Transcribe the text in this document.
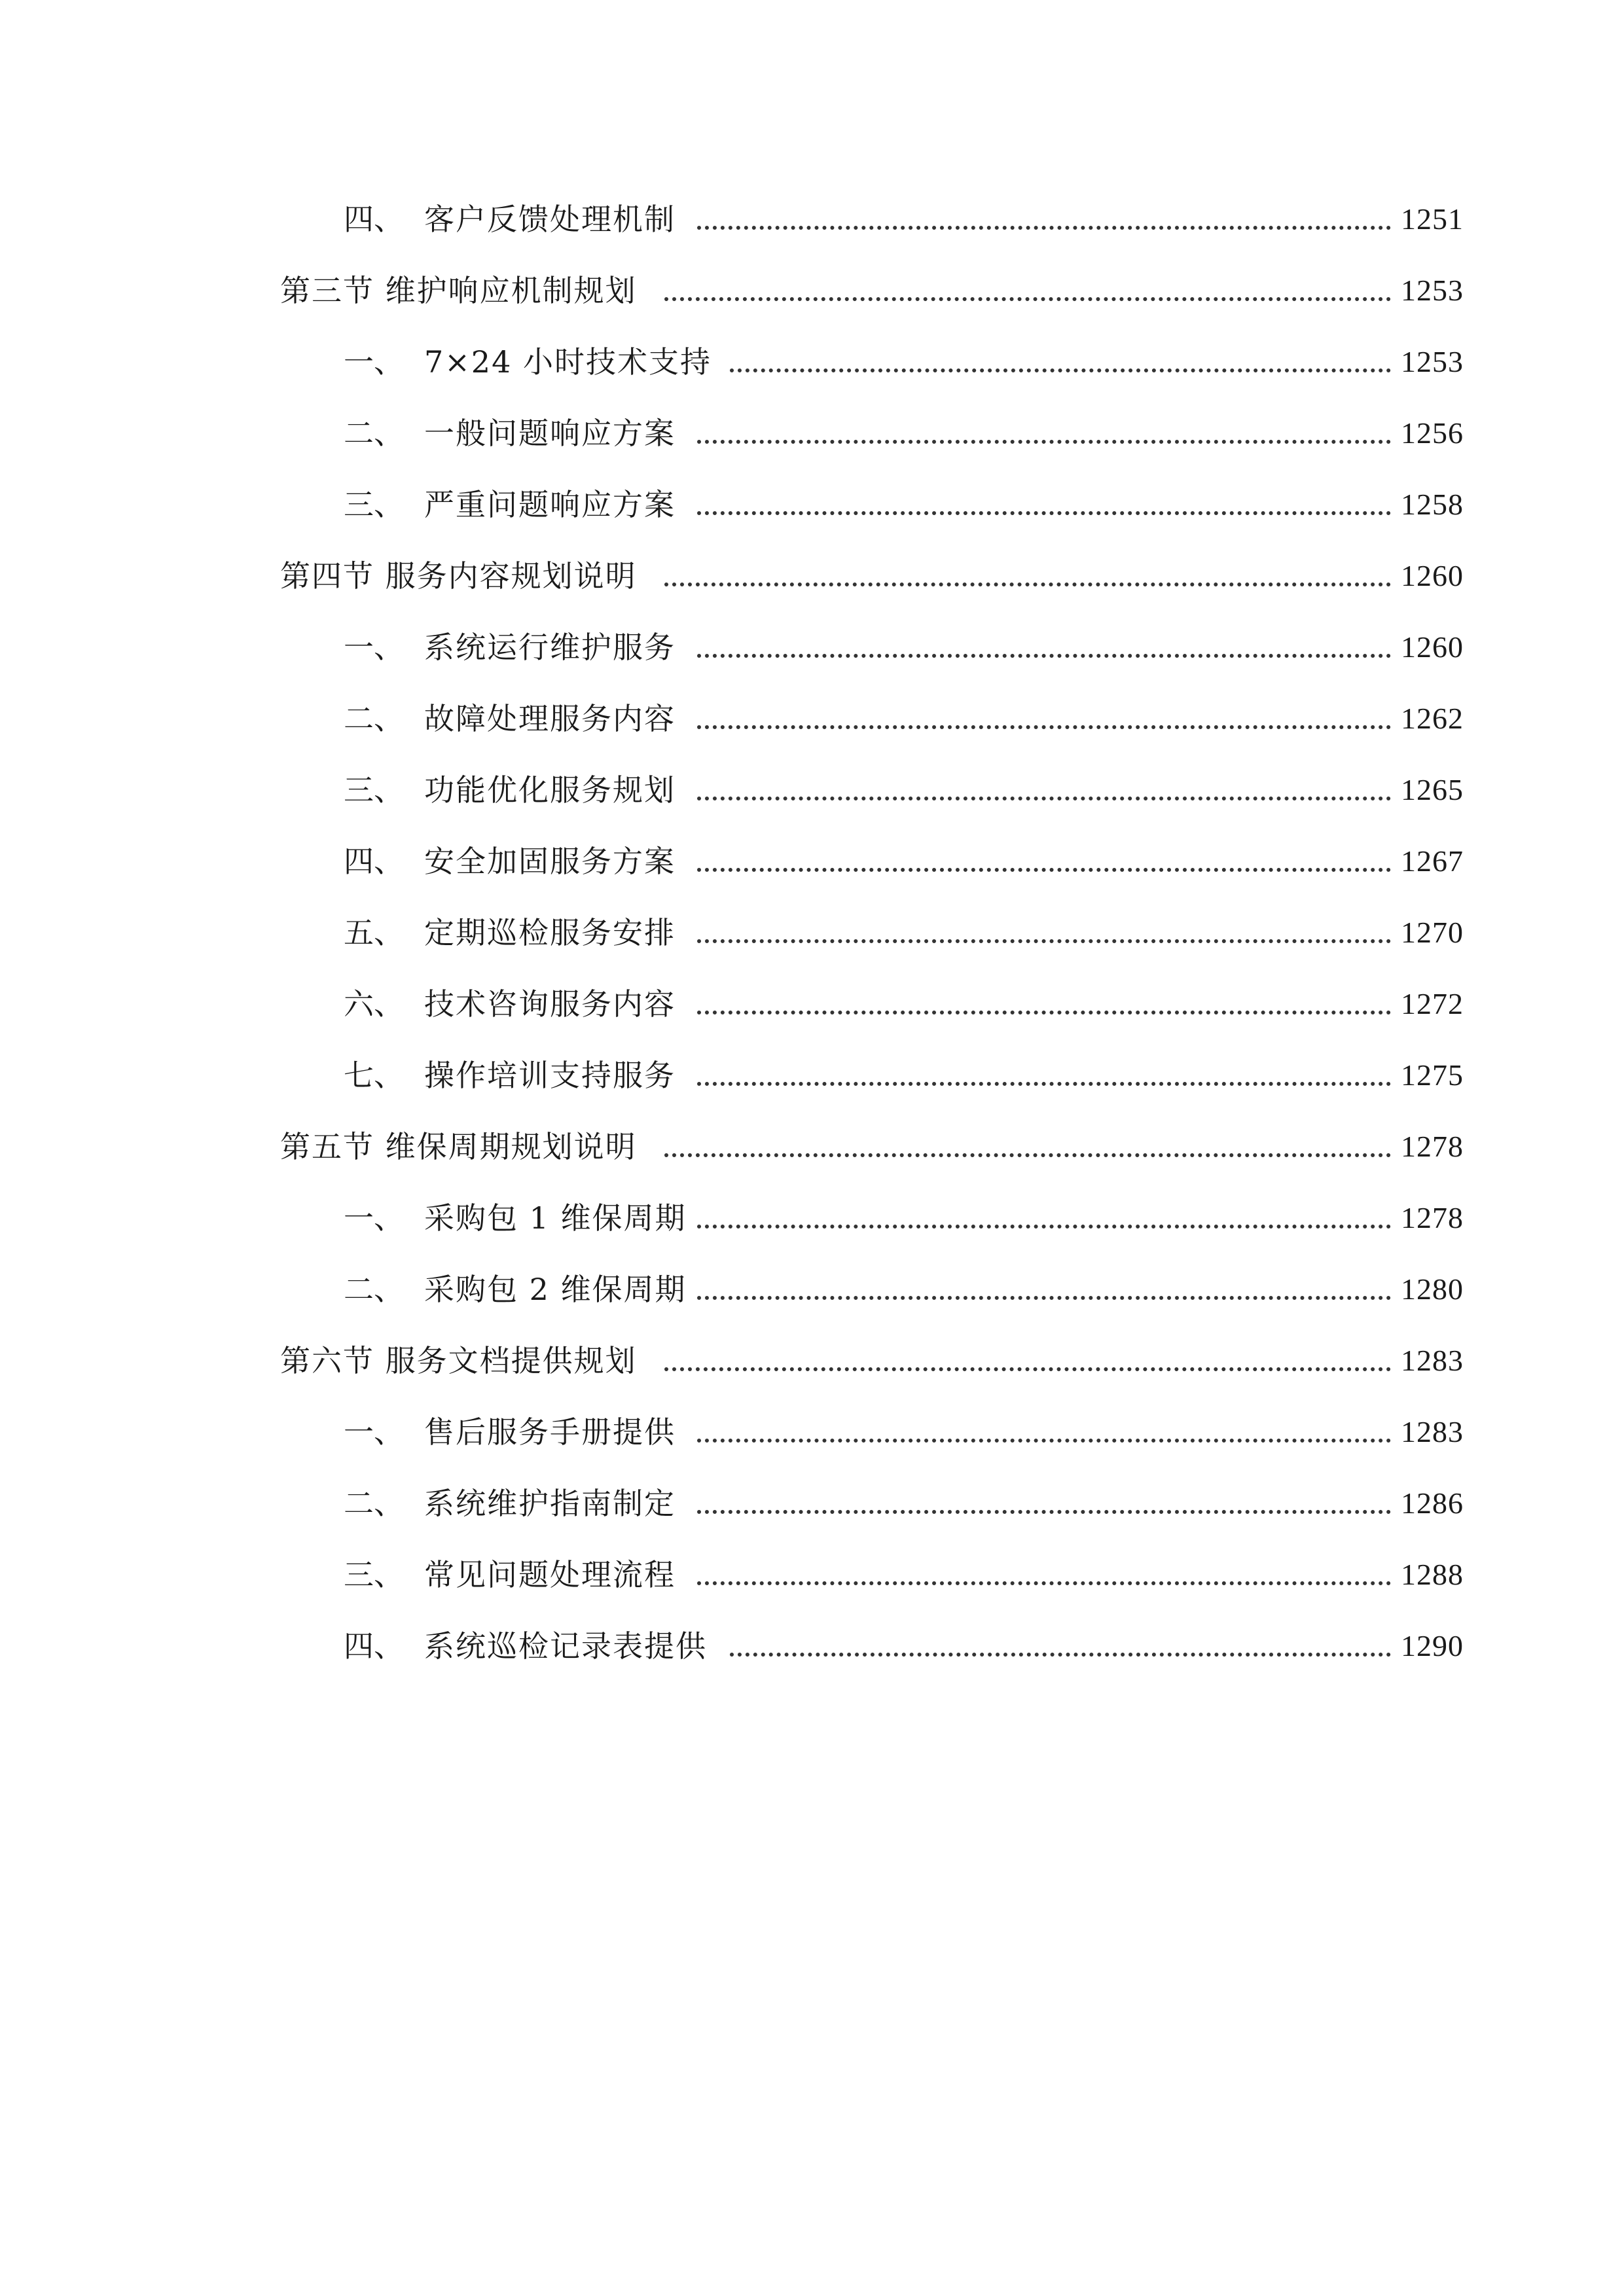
四、 客户反馈处理机制	1251
第三节 维护响应机制规划	1253
一、 7×24 小时技术支持	1253
二、 一般问题响应方案	1256
三、 严重问题响应方案	1258
第四节 服务内容规划说明	1260
一、 系统运行维护服务	1260
二、 故障处理服务内容	1262
三、 功能优化服务规划	1265
四、 安全加固服务方案	1267
五、 定期巡检服务安排	1270
六、 技术咨询服务内容	1272
七、 操作培训支持服务	1275
第五节 维保周期规划说明	1278
一、 采购包 1 维保周期	1278
二、 采购包 2 维保周期	1280
第六节 服务文档提供规划	1283
一、 售后服务手册提供	1283
二、 系统维护指南制定	1286
三、 常见问题处理流程	1288
四、 系统巡检记录表提供	1290
